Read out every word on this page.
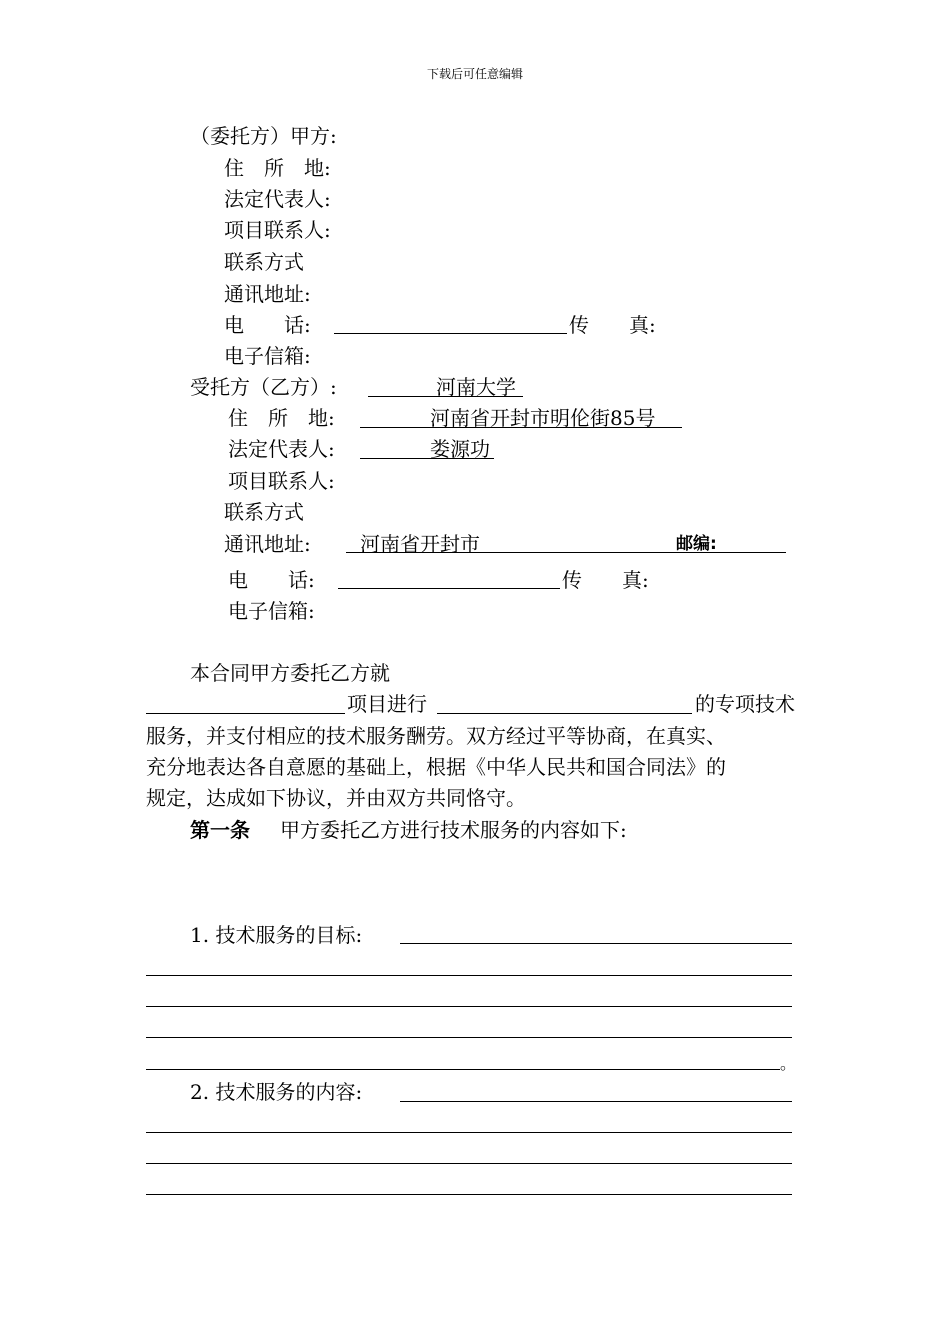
下载后可任意编辑
（委托方）甲方:
住　所　地:
法定代表人:
项目联系人:
联系方式
通讯地址:
电　　话:	传　　真:
电子信箱:
受托方（乙方）:	河南大学
住　所　地:	河南省开封市明伦街85号
法定代表人:	娄源功
项目联系人:
联系方式
通讯地址: 河南省开封市	邮编:
电　　话:	传　　真:
电子信箱:
本合同甲方委托乙方就
项目进行	的专项技术
服务，并支付相应的技术服务酬劳。双方经过平等协商，在真实、
充分地表达各自意愿的基础上，根据《中华人民共和国合同法》的
规定，达成如下协议，并由双方共同恪守。
第一条 甲方委托乙方进行技术服务的内容如下:
1. 技术服务的目标:
。
2. 技术服务的内容:
